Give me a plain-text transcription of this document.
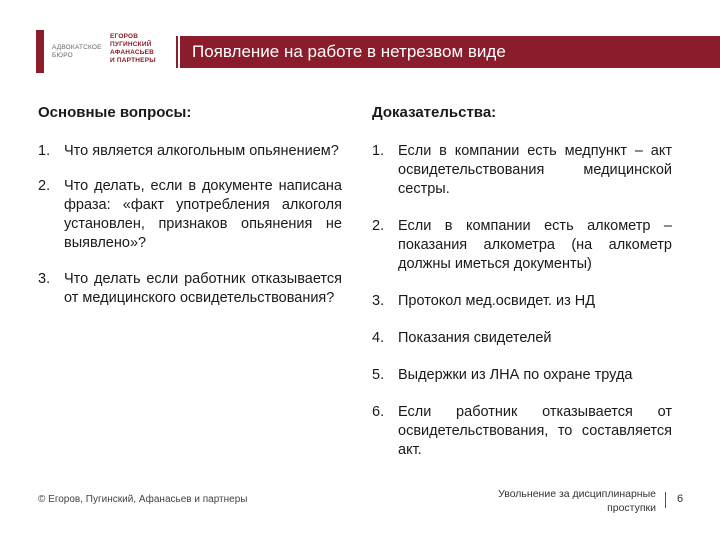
АДВОКАТСКОЕ
БЮРО
ЕГОРОВ
ПУГИНСКИЙ
АФАНАСЬЕВ
И ПАРТНЕРЫ	Появление на работе в нетрезвом виде
Основные вопросы:	Доказательства:
1. Что является алкогольным опьянением?
2. Что делать, если в документе написана фраза: «факт употребления алкоголя установлен, признаков опьянения не выявлено»?
3. Что делать если работник отказывается от медицинского освидетельствования?
1. Если в компании есть медпункт – акт освидетельствования медицинской сестры.
2. Если в компании есть алкометр – показания алкометра (на алкометр должны иметься документы)
3. Протокол мед.освидет. из НД
4. Показания свидетелей
5. Выдержки из ЛНА по охране труда
6. Если работник отказывается от освидетельствования, то составляется акт.
© Егоров, Пугинский, Афанасьев и партнеры	Увольнение за дисциплинарные проступки
6
